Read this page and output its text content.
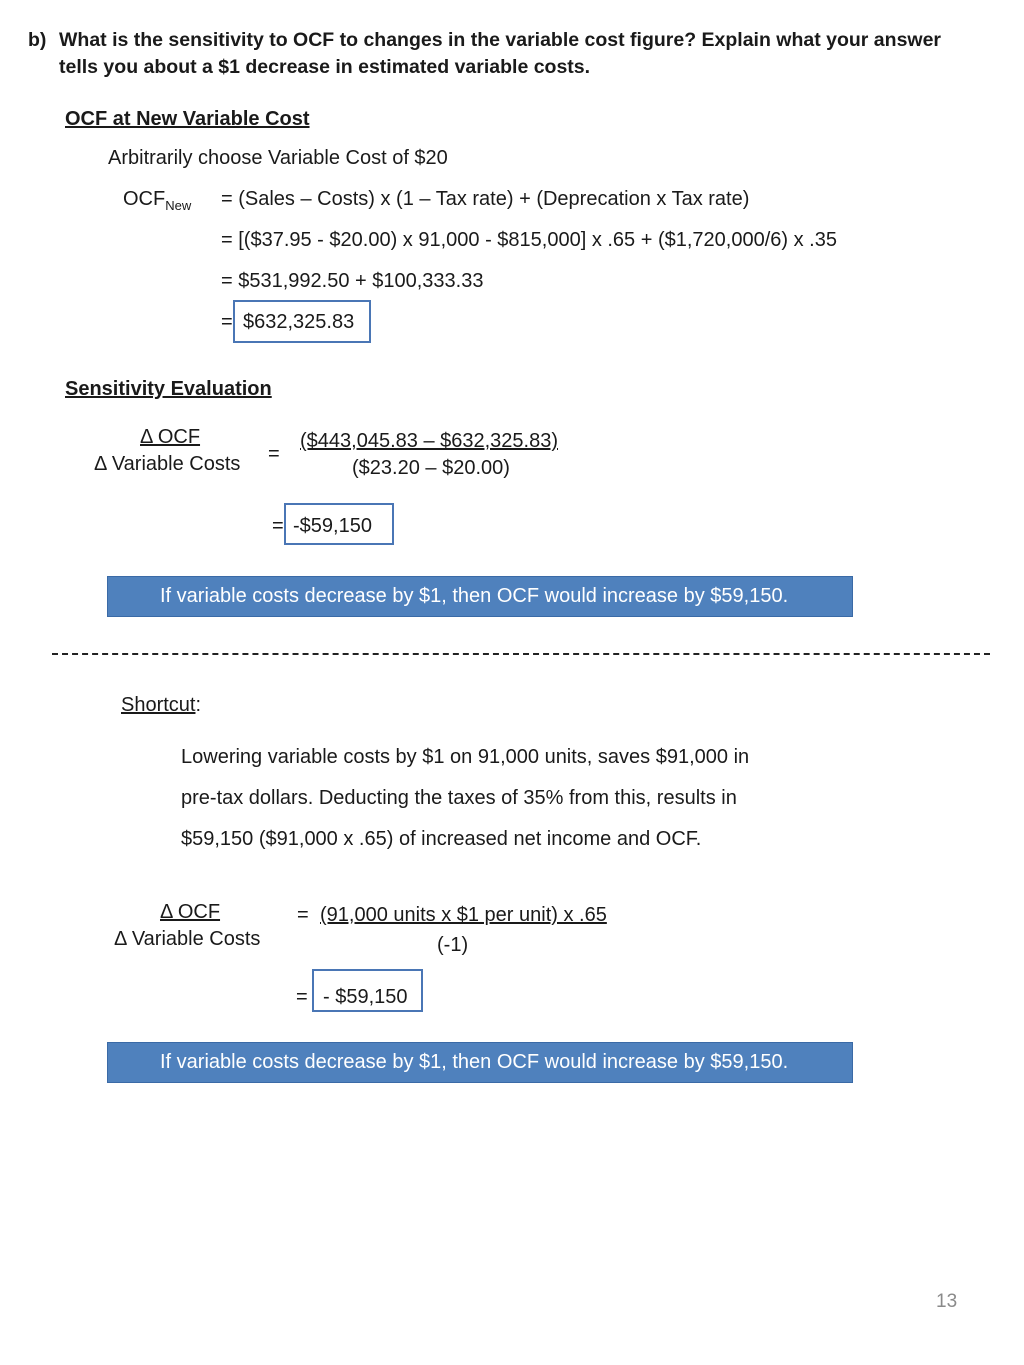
b) What is the sensitivity to OCF to changes in the variable cost figure? Explain what your answer
tells you about a $1 decrease in estimated variable costs.
OCF at New Variable Cost
Arbitrarily choose Variable Cost of $20
$OCF_{New}$ = (Sales – Costs) x (1 – Tax rate) + (Deprecation x Tax rate)
= [($37.95 - $20.00) x 91,000 - $815,000] x .65 + ($1,720,000/6) x .35
= $531,992.50 + $100,333.33
= $632,325.83
Sensitivity Evaluation
Δ OCF
Δ Variable Costs =
($443,045.83 – $632,325.83)
($23.20 – $20.00)
= -$59,150
If variable costs decrease by $1, then OCF would increase by $59,150.
Shortcut:
Lowering variable costs by $1 on 91,000 units, saves $91,000 in
pre-tax dollars. Deducting the taxes of 35% from this, results in
$59,150 ($91,000 x .65) of increased net income and OCF.
Δ OCF
Δ Variable Costs
= (91,000 units x $1 per unit) x .65
(-1)
= - $59,150
If variable costs decrease by $1, then OCF would increase by $59,150.
13
